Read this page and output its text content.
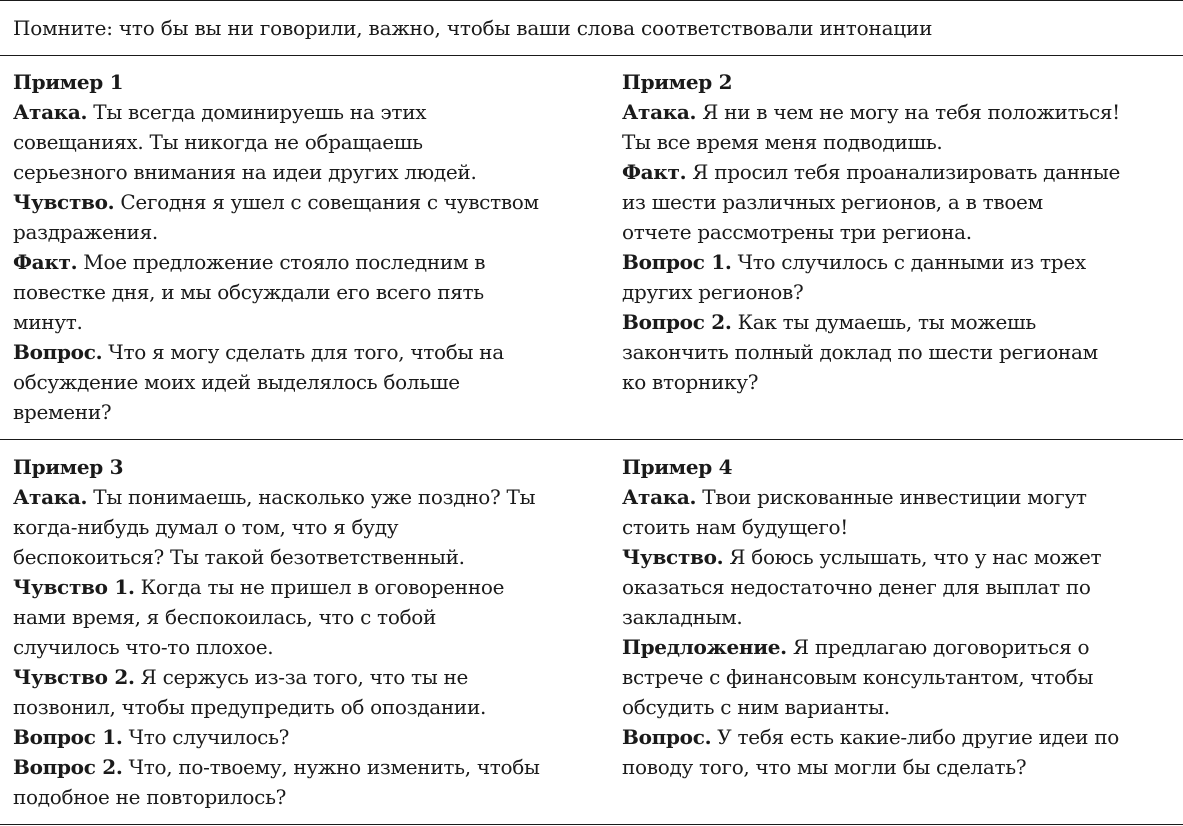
Помните: что бы вы ни говорили, важно, чтобы ваши слова соответствовали интонации
Пример 1
Атака. Ты всегда доминируешь на этих
совещаниях. Ты никогда не обращаешь
серьезного внимания на идеи других людей.
Чувство. Сегодня я ушел с совещания с чувством
раздражения.
Факт. Мое предложение стояло последним в
повестке дня, и мы обсуждали его всего пять
минут.
Вопрос. Что я могу сделать для того, чтобы на
обсуждение моих идей выделялось больше
времени?
Пример 2
Атака. Я ни в чем не могу на тебя положиться!
Ты все время меня подводишь.
Факт. Я просил тебя проанализировать данные
из шести различных регионов, а в твоем
отчете рассмотрены три региона.
Вопрос 1. Что случилось с данными из трех
других регионов?
Вопрос 2. Как ты думаешь, ты можешь
закончить полный доклад по шести регионам
ко вторнику?
Пример 3
Атака. Ты понимаешь, насколько уже поздно? Ты
когда-нибудь думал о том, что я буду
беспокоиться? Ты такой безответственный.
Чувство 1. Когда ты не пришел в оговоренное
нами время, я беспокоилась, что с тобой
случилось что-то плохое.
Чувство 2. Я сержусь из-за того, что ты не
позвонил, чтобы предупредить об опоздании.
Вопрос 1. Что случилось?
Вопрос 2. Что, по-твоему, нужно изменить, чтобы
подобное не повторилось?
Пример 4
Атака. Твои рискованные инвестиции могут
стоить нам будущего!
Чувство. Я боюсь услышать, что у нас может
оказаться недостаточно денег для выплат по
закладным.
Предложение. Я предлагаю договориться о
встрече с финансовым консультантом, чтобы
обсудить с ним варианты.
Вопрос. У тебя есть какие-либо другие идеи по
поводу того, что мы могли бы сделать?
